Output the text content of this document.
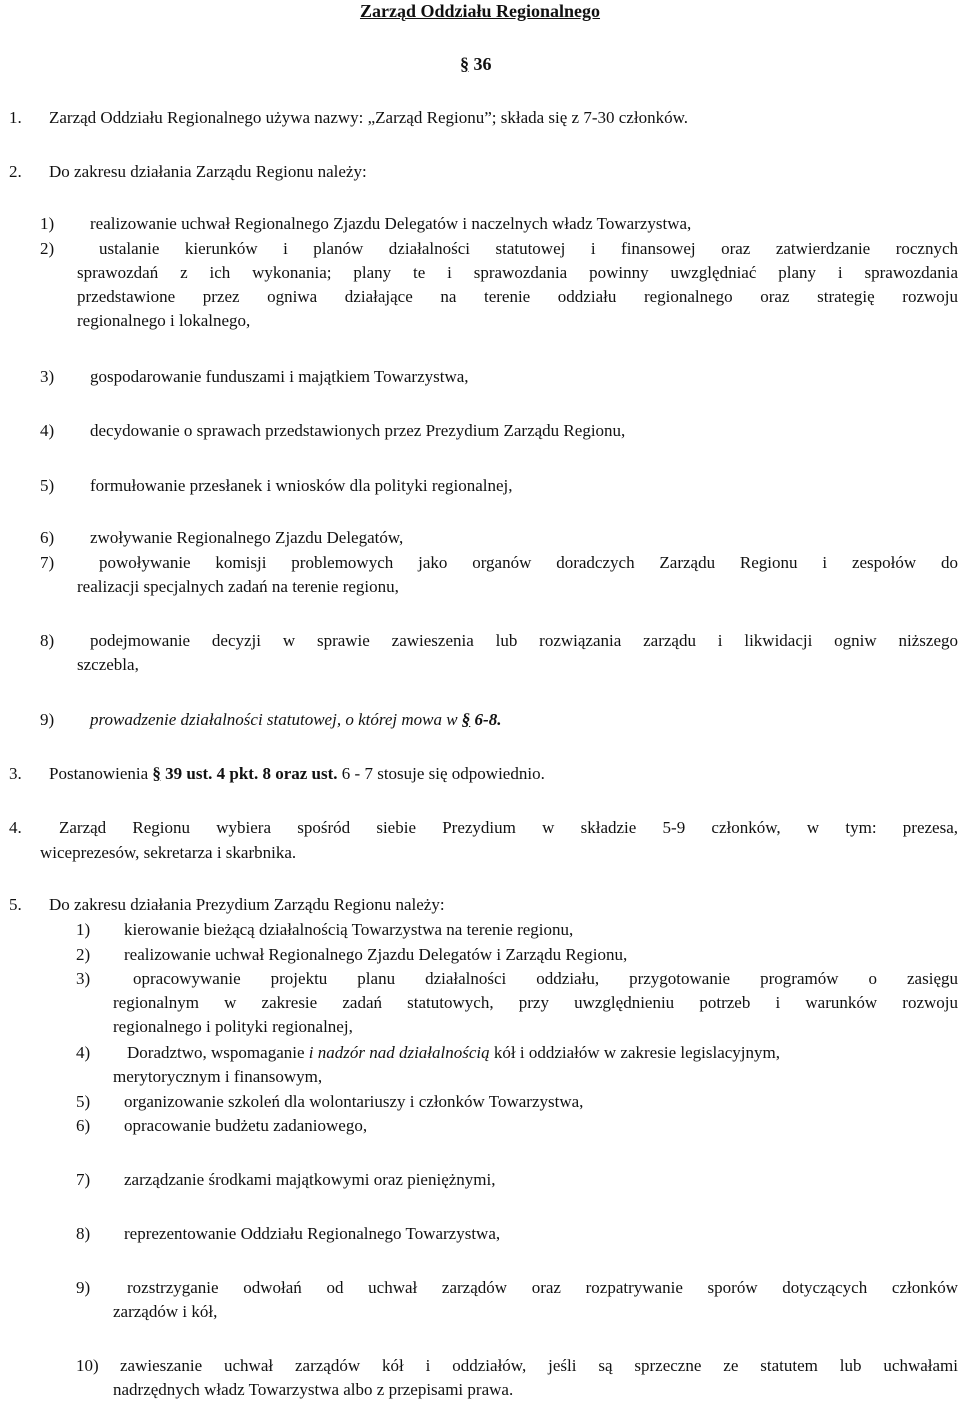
Zarząd Oddziału Regionalnego
§ 36
1. Zarząd Oddziału Regionalnego używa nazwy: „Zarząd Regionu”; składa się z 7-30 członków.
2. Do zakresu działania Zarządu Regionu należy:
1) realizowanie uchwał Regionalnego Zjazdu Delegatów i naczelnych władz Towarzystwa,
2)	ustalanie kierunków i planów działalności statutowej i finansowej oraz zatwierdzanie rocznych
sprawozdań z ich wykonania; plany te i sprawozdania powinny uwzględniać plany i sprawozdania
przedstawione przez ogniwa działające na terenie oddziału regionalnego oraz strategię rozwoju
regionalnego i lokalnego,
3) gospodarowanie funduszami i majątkiem Towarzystwa,
4) decydowanie o sprawach przedstawionych przez Prezydium Zarządu Regionu,
5) formułowanie przesłanek i wniosków dla polityki regionalnej,
6) zwoływanie Regionalnego Zjazdu Delegatów,
7)	powoływanie komisji problemowych jako organów doradczych Zarządu Regionu i zespołów do
realizacji specjalnych zadań na terenie regionu,
8) podejmowanie decyzji w sprawie zawieszenia lub rozwiązania zarządu i likwidacji ogniw niższego
szczebla,
9) prowadzenie działalności statutowej, o której mowa w § 6-8.
3. Postanowienia § 39 ust. 4 pkt. 8 oraz ust. 6 - 7 stosuje się odpowiednio.
4. Zarząd Regionu wybiera spośród siebie Prezydium w składzie 5-9 członków, w tym: prezesa,
wiceprezesów, sekretarza i skarbnika.
5. Do zakresu działania Prezydium Zarządu Regionu należy:
1) kierowanie bieżącą działalnością Towarzystwa na terenie regionu,
2) realizowanie uchwał Regionalnego Zjazdu Delegatów i Zarządu Regionu,
3)	opracowywanie projektu planu działalności oddziału, przygotowanie programów o zasięgu
regionalnym w zakresie zadań statutowych, przy uwzględnieniu potrzeb i warunków rozwoju
regionalnego i polityki regionalnej,
4) Doradztwo, wspomaganie i nadzór nad działalnością kół i oddziałów w zakresie legislacyjnym,
merytorycznym i finansowym,
5) organizowanie szkoleń dla wolontariuszy i członków Towarzystwa,
6) opracowanie budżetu zadaniowego,
7) zarządzanie środkami majątkowymi oraz pieniężnymi,
8) reprezentowanie Oddziału Regionalnego Towarzystwa,
9) rozstrzyganie odwołań od uchwał zarządów oraz rozpatrywanie sporów dotyczących członków
zarządów i kół,
10) zawieszanie uchwał zarządów kół i oddziałów, jeśli są sprzeczne ze statutem lub uchwałami
nadrzędnych władz Towarzystwa albo z przepisami prawa.
